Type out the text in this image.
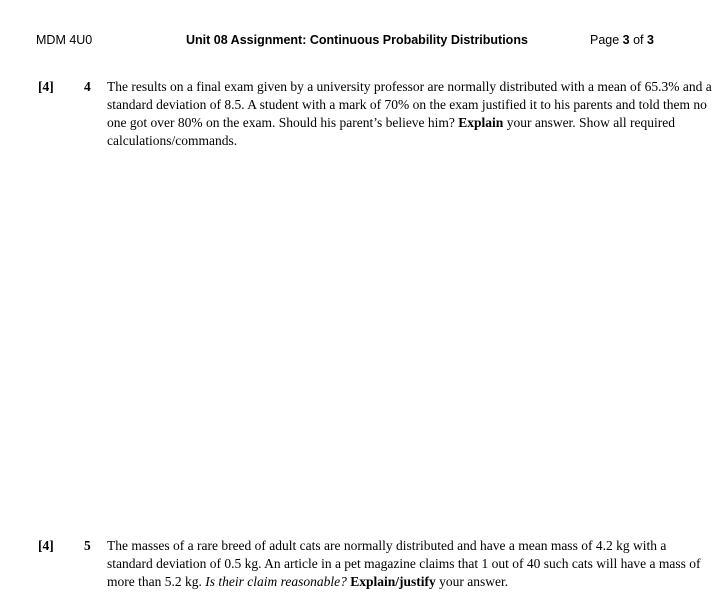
MDM 4U0	Unit 08 Assignment: Continuous Probability Distributions	Page 3 of 3
[4] 4 The results on a final exam given by a university professor are normally distributed with a mean of 65.3% and a
standard deviation of 8.5. A student with a mark of 70% on the exam justified it to his parents and told them no
one got over 80% on the exam. Should his parent’s believe him? Explain your answer. Show all required
calculations/commands.
[4] 5 The masses of a rare breed of adult cats are normally distributed and have a mean mass of 4.2 kg with a
standard deviation of 0.5 kg. An article in a pet magazine claims that 1 out of 40 such cats will have a mass of
more than 5.2 kg. Is their claim reasonable? Explain/justify your answer.
